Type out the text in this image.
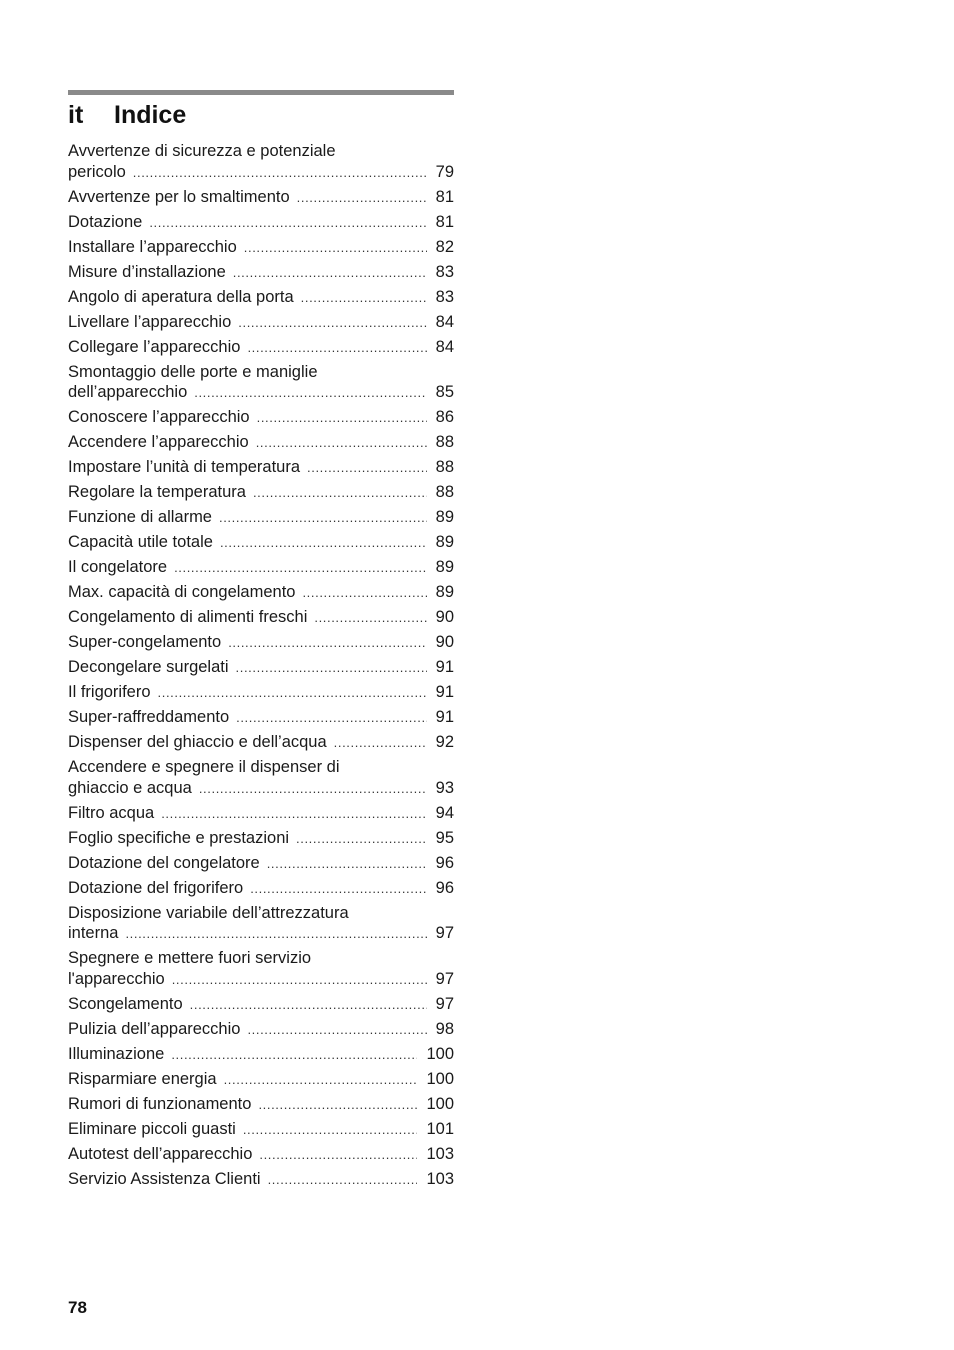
it Indice
Avvertenze di sicurezza e potenziale
pericolo .....	79
Avvertenze per lo smaltimento .....	81
Dotazione .....	81
Installare l’apparecchio .....	82
Misure d’installazione .....	83
Angolo di aperatura della porta .....	83
Livellare l’apparecchio .....	84
Collegare l’apparecchio .....	84
Smontaggio delle porte e maniglie
dell’apparecchio .....	85
Conoscere l’apparecchio .....	86
Accendere l’apparecchio .....	88
Impostare l’unità di temperatura .....	88
Regolare la temperatura .....	88
Funzione di allarme .....	89
Capacità utile totale .....	89
Il congelatore .....	89
Max. capacità di congelamento .....	89
Congelamento di alimenti freschi .....	90
Super-congelamento .....	90
Decongelare surgelati .....	91
Il frigorifero .....	91
Super-raffreddamento .....	91
Dispenser del ghiaccio e dell’acqua .....	92
Accendere e spegnere il dispenser di
ghiaccio e acqua .....	93
Filtro acqua .....	94
Foglio specifiche e prestazioni .....	95
Dotazione del congelatore .....	96
Dotazione del frigorifero .....	96
Disposizione variabile dell’attrezzatura
interna .....	97
Spegnere e mettere fuori servizio
l'apparecchio .....	97
Scongelamento .....	97
Pulizia dell’apparecchio .....	98
Illuminazione .....	100
Risparmiare energia .....	100
Rumori di funzionamento .....	100
Eliminare piccoli guasti .....	101
Autotest dell’apparecchio .....	103
Servizio Assistenza Clienti .....	103
78
